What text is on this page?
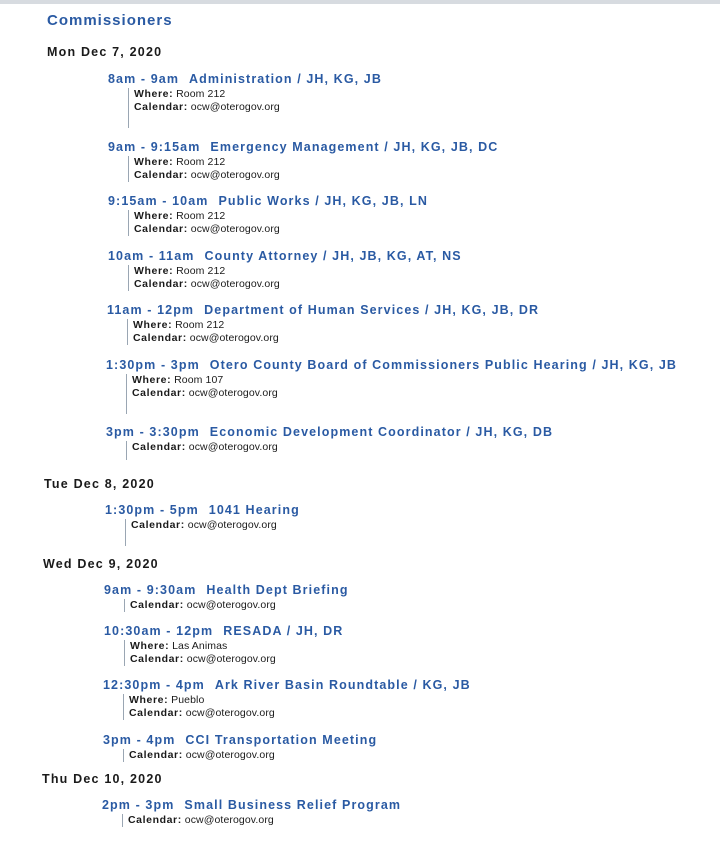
Commissioners
Mon Dec 7, 2020
8am - 9am Administration / JH, KG, JB
Where: Room 212
Calendar: ocw@oterogov.org
9am - 9:15am Emergency Management / JH, KG, JB, DC
Where: Room 212
Calendar: ocw@oterogov.org
9:15am - 10am Public Works / JH, KG, JB, LN
Where: Room 212
Calendar: ocw@oterogov.org
10am - 11am County Attorney / JH, JB, KG, AT, NS
Where: Room 212
Calendar: ocw@oterogov.org
11am - 12pm Department of Human Services / JH, KG, JB, DR
Where: Room 212
Calendar: ocw@oterogov.org
1:30pm - 3pm Otero County Board of Commissioners Public Hearing / JH, KG, JB
Where: Room 107
Calendar: ocw@oterogov.org
3pm - 3:30pm Economic Development Coordinator / JH, KG, DB
Calendar: ocw@oterogov.org
Tue Dec 8, 2020
1:30pm - 5pm 1041 Hearing
Calendar: ocw@oterogov.org
Wed Dec 9, 2020
9am - 9:30am Health Dept Briefing
Calendar: ocw@oterogov.org
10:30am - 12pm RESADA / JH, DR
Where: Las Animas
Calendar: ocw@oterogov.org
12:30pm - 4pm Ark River Basin Roundtable / KG, JB
Where: Pueblo
Calendar: ocw@oterogov.org
3pm - 4pm CCI Transportation Meeting
Calendar: ocw@oterogov.org
Thu Dec 10, 2020
2pm - 3pm Small Business Relief Program
Calendar: ocw@oterogov.org
